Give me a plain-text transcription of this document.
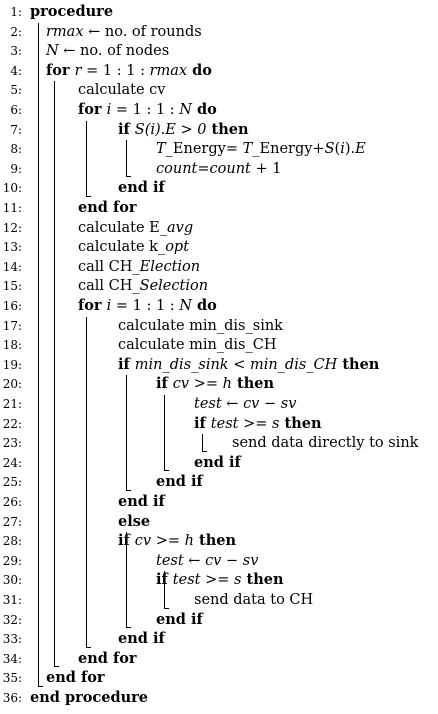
1: procedure
2: rmax ← no. of rounds
3: N ← no. of nodes
4: for r = 1 : 1 : rmax do
5:	calculate cv
6:	for i = 1 : 1 : N do
7:	if S(i).E > 0 then
8:	T_Energy= T_Energy+S(i).E
9:	count=count + 1
10:	end if
11:	end for
12:	calculate E_avg
13:	calculate k_opt
14:	call CH_Election
15:	call CH_Selection
16:	for i = 1 : 1 : N do
17:	calculate min_dis_sink
18:	calculate min_dis_CH
19:	if min_dis_sink < min_dis_CH then
20:	if cv >= h then
21:	test ← cv − sv
22:	if test >= s then
23:	send data directly to sink
24:	end if
25:	end if
26:	end if
27:	else
28:	if cv >= h then
29:	test ← cv − sv
30:	if test >= s then
31:	send data to CH
32:	end if
33:	end if
34:	end for
35: end for
36: end procedure
